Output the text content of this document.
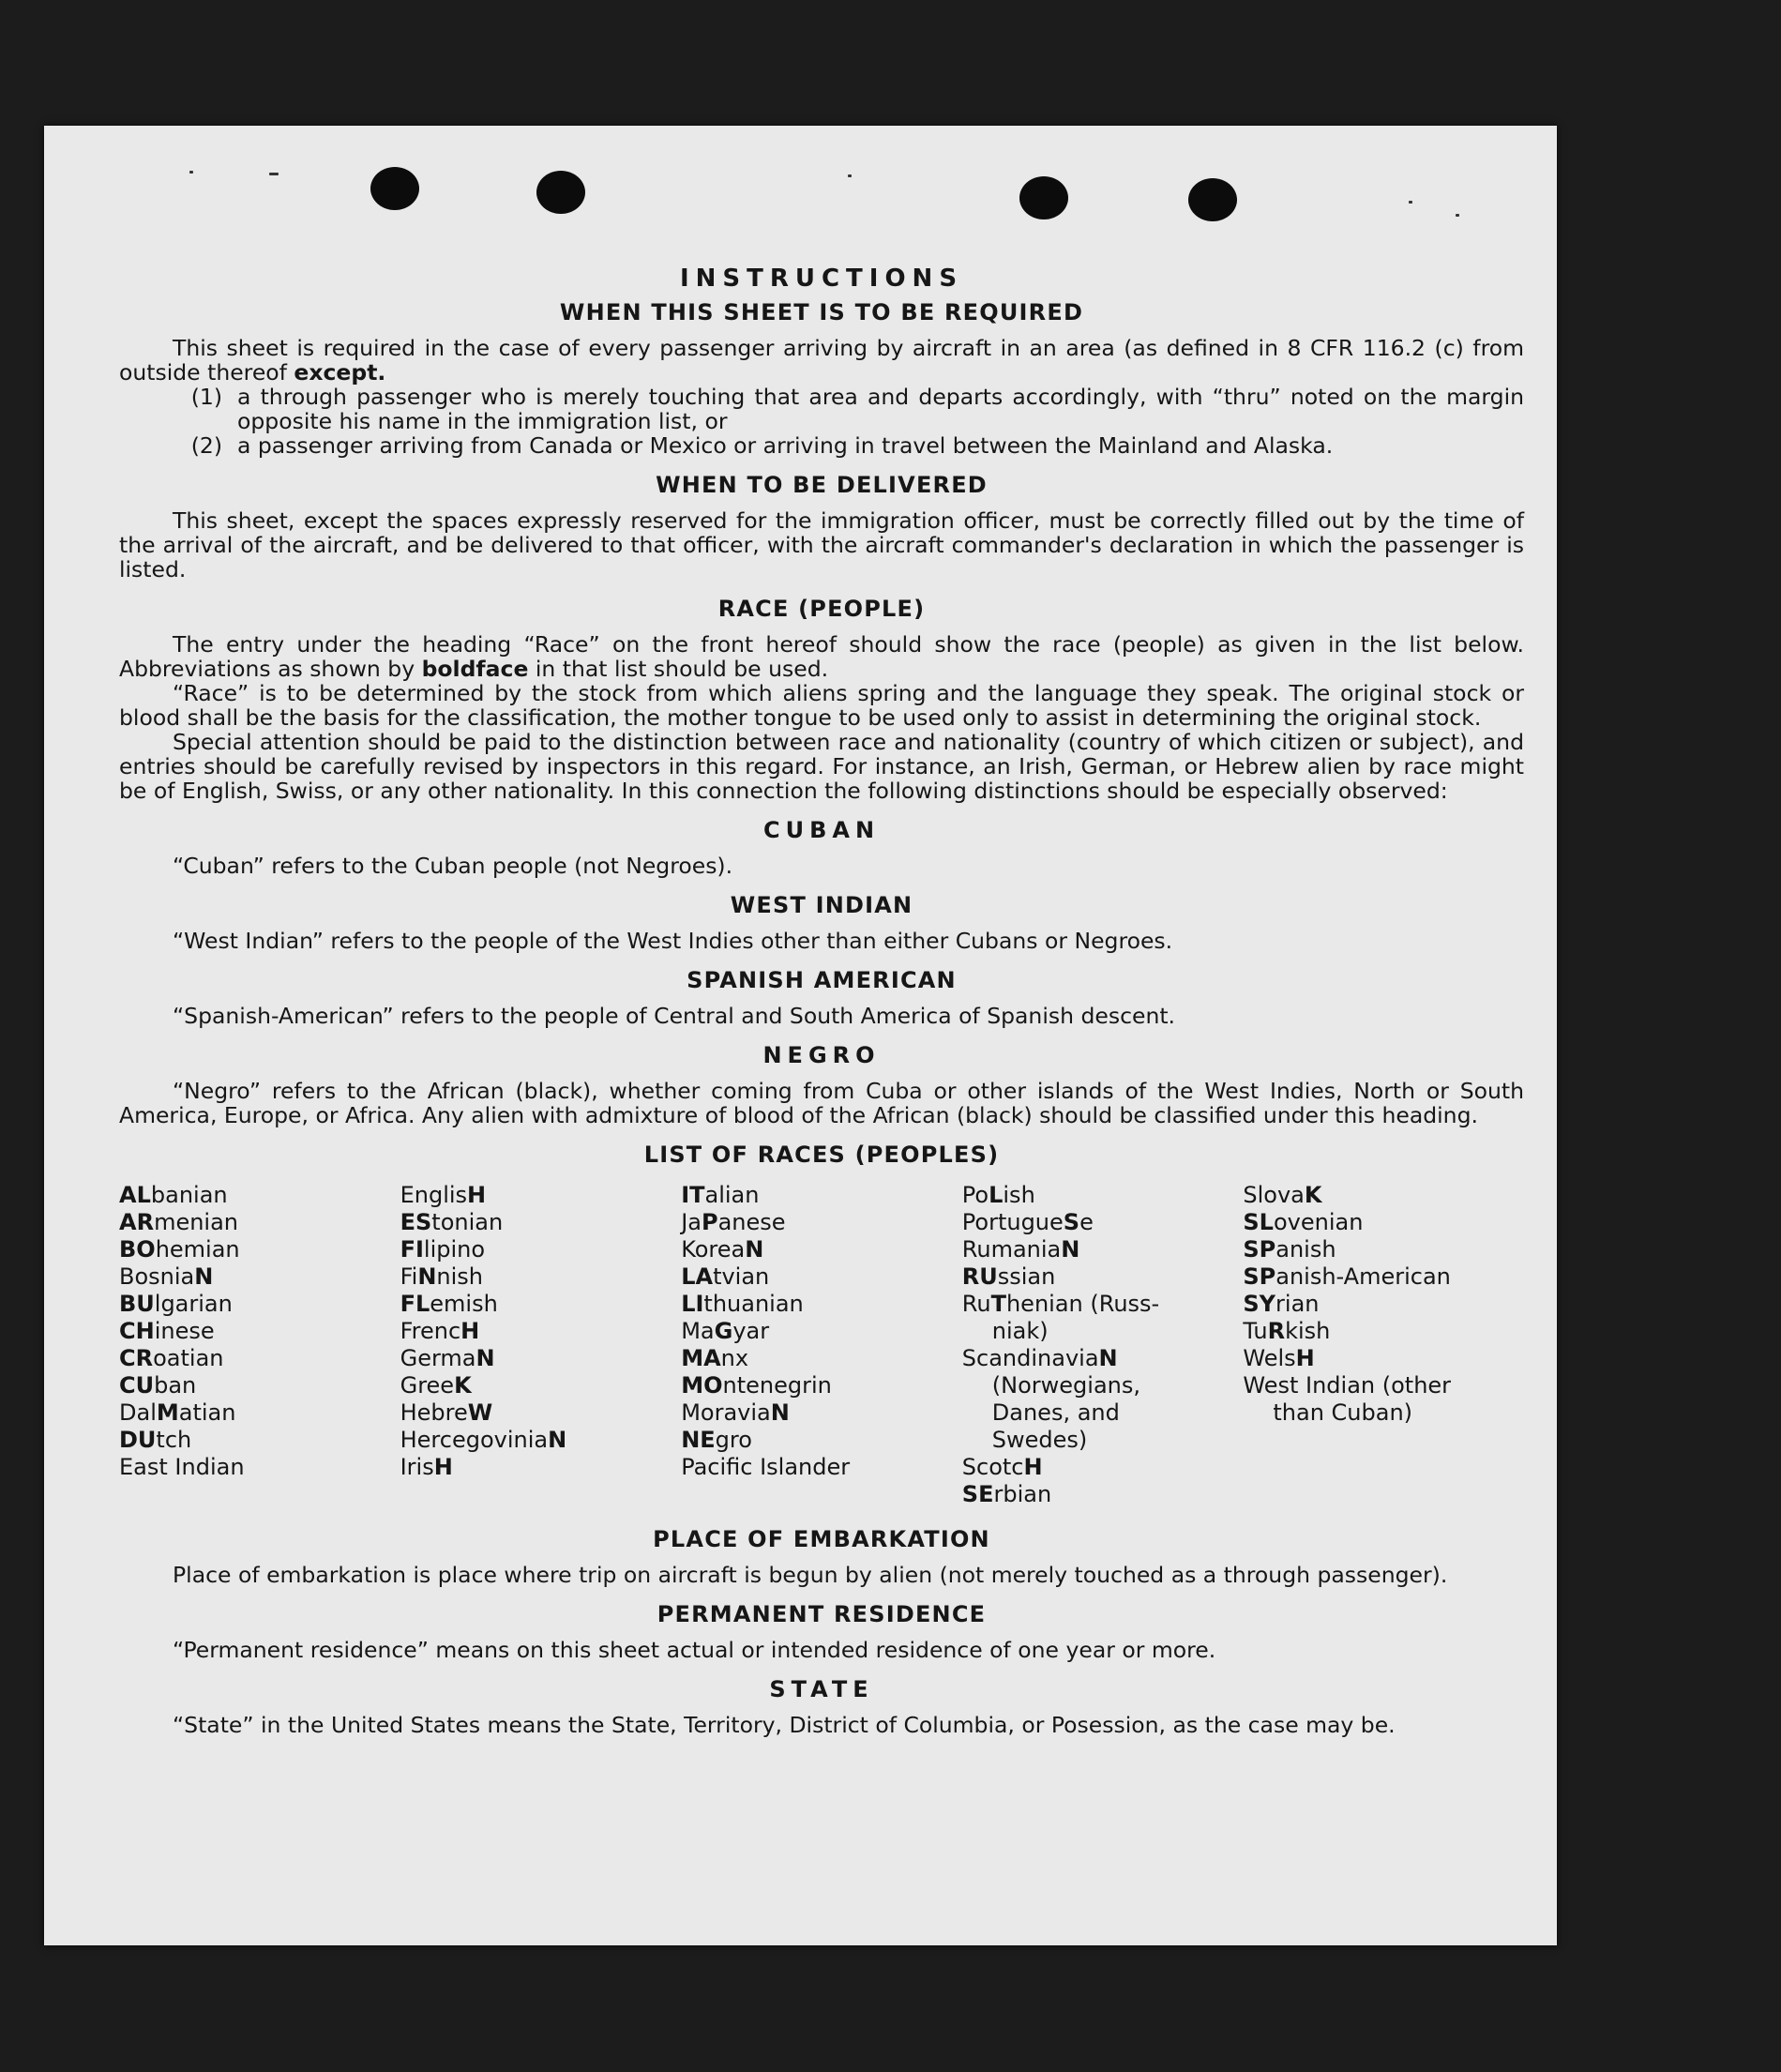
INSTRUCTIONS
WHEN THIS SHEET IS TO BE REQUIRED

This sheet is required in the case of every passenger arriving by aircraft in an area (as defined in 8 CFR 116.2 (c) from outside thereof except.

(1) a through passenger who is merely touching that area and departs accordingly, with “thru” noted on the margin opposite his name in the immigration list, or
(2) a passenger arriving from Canada or Mexico or arriving in travel between the Mainland and Alaska.
WHEN TO BE DELIVERED

This sheet, except the spaces expressly reserved for the immigration officer, must be correctly filled out by the time of the arrival of the aircraft, and be delivered to that officer, with the aircraft commander's declaration in which the passenger is listed.

RACE (PEOPLE)

The entry under the heading “Race” on the front hereof should show the race (people) as given in the list below. Abbreviations as shown by boldface in that list should be used.

“Race” is to be determined by the stock from which aliens spring and the language they speak. The original stock or blood shall be the basis for the classification, the mother tongue to be used only to assist in determining the original stock.

Special attention should be paid to the distinction between race and nationality (country of which citizen or subject), and entries should be carefully revised by inspectors in this regard. For instance, an Irish, German, or Hebrew alien by race might be of English, Swiss, or any other nationality. In this connection the following distinctions should be especially observed:

CUBAN

“Cuban” refers to the Cuban people (not Negroes).

WEST INDIAN

“West Indian” refers to the people of the West Indies other than either Cubans or Negroes.

SPANISH AMERICAN

“Spanish-American” refers to the people of Central and South America of Spanish descent.

NEGRO

“Negro” refers to the African (black), whether coming from Cuba or other islands of the West Indies, North or South America, Europe, or Africa. Any alien with admixture of blood of the African (black) should be classified under this heading.

LIST OF RACES (PEOPLES)
ALbanian
ARmenian
BOhemian
BosniaN
BUlgarian
CHinese
CRoatian
CUban
DalMatian
DUtch
East Indian
EnglisH
EStonian
FIlipino
FiNnish
FLemish
FrencH
GermaN
GreeK
HebreW
HercegoviniaN
IrisH
ITalian
JaPanese
KoreaN
LAtvian
LIthuanian
MaGyar
MAnx
MOntenegrin
MoraviaN
NEgro
Pacific Islander
PoLish
PortugueSe
RumaniaN
RUssian
RuThenian (Russ-
niak)
ScandinaviaN
(Norwegians,
Danes, and
Swedes)
ScotcH
SErbian
SlovaK
SLovenian
SPanish
SPanish-American
SYrian
TuRkish
WelsH
West Indian (other
than Cuban)
PLACE OF EMBARKATION

Place of embarkation is place where trip on aircraft is begun by alien (not merely touched as a through passenger).

PERMANENT RESIDENCE

“Permanent residence” means on this sheet actual or intended residence of one year or more.

STATE

“State” in the United States means the State, Territory, District of Columbia, or Posession, as the case may be.
